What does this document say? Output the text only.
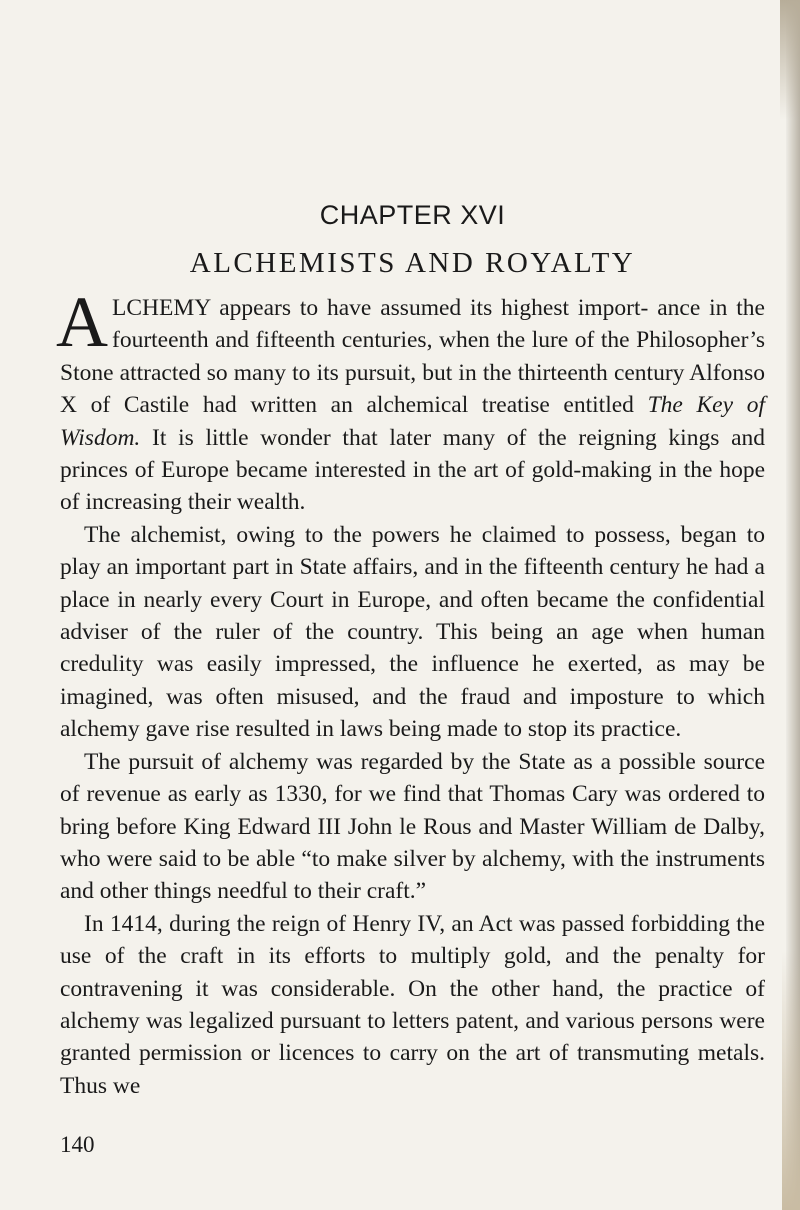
CHAPTER XVI
ALCHEMISTS AND ROYALTY

ALCHEMY appears to have assumed its highest import- ance in the fourteenth and fifteenth centuries, when the lure of the Philosopher’s Stone attracted so many to its pursuit, but in the thirteenth century Alfonso X of Castile had written an alchemical treatise entitled The Key of Wisdom. It is little wonder that later many of the reigning kings and princes of Europe became interested in the art of gold-making in the hope of increasing their wealth.

The alchemist, owing to the powers he claimed to possess, began to play an important part in State affairs, and in the fifteenth century he had a place in nearly every Court in Europe, and often became the confidential adviser of the ruler of the country. This being an age when human credulity was easily impressed, the influence he exerted, as may be imagined, was often misused, and the fraud and imposture to which alchemy gave rise resulted in laws being made to stop its practice.

The pursuit of alchemy was regarded by the State as a possible source of revenue as early as 1330, for we find that Thomas Cary was ordered to bring before King Edward III John le Rous and Master William de Dalby, who were said to be able “to make silver by alchemy, with the instruments and other things needful to their craft.”

In 1414, during the reign of Henry IV, an Act was passed forbidding the use of the craft in its efforts to multiply gold, and the penalty for contravening it was considerable. On the other hand, the practice of alchemy was legalized pursuant to letters patent, and various persons were granted permission or licences to carry on the art of transmuting metals. Thus we

140
